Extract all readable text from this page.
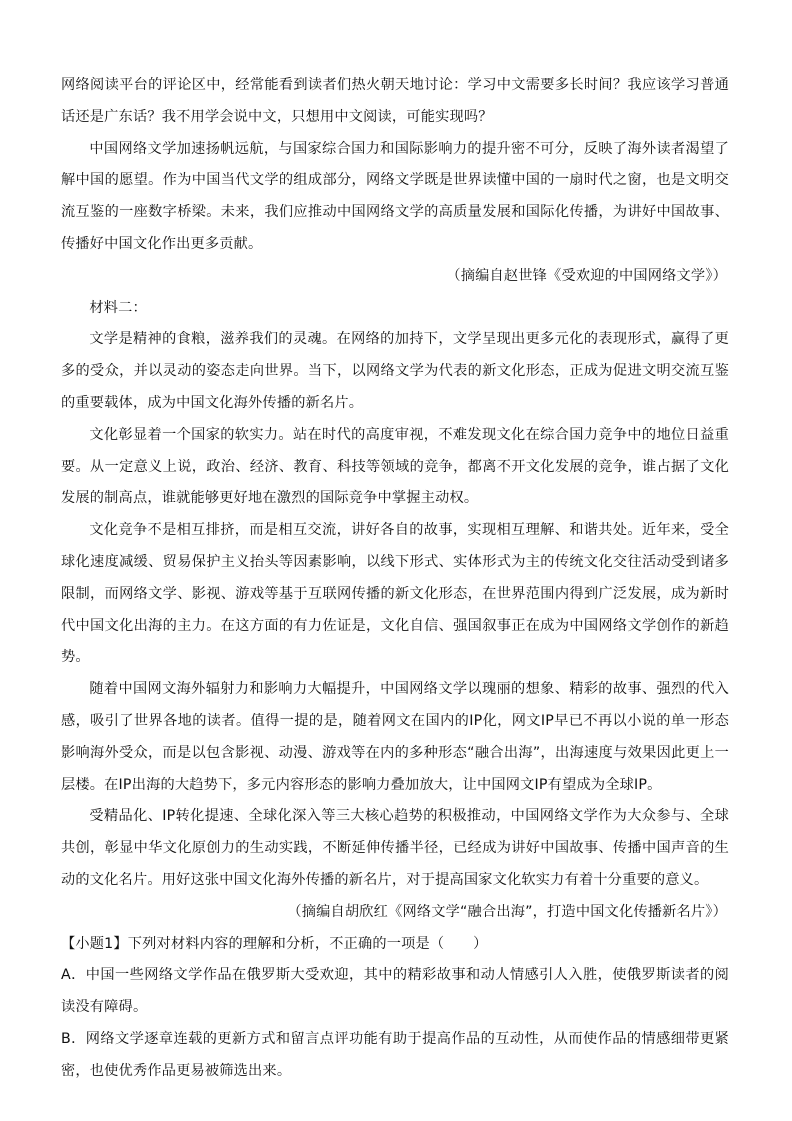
网络阅读平台的评论区中，经常能看到读者们热火朝天地讨论：学习中文需要多长时间？我应该学习普通话还是广东话？我不用学会说中文，只想用中文阅读，可能实现吗？

中国网络文学加速扬帆远航，与国家综合国力和国际影响力的提升密不可分，反映了海外读者渴望了解中国的愿望。作为中国当代文学的组成部分，网络文学既是世界读懂中国的一扇时代之窗，也是文明交流互鉴的一座数字桥梁。未来，我们应推动中国网络文学的高质量发展和国际化传播，为讲好中国故事、传播好中国文化作出更多贡献。

（摘编自赵世锋《受欢迎的中国网络文学》）

材料二：

文学是精神的食粮，滋养我们的灵魂。在网络的加持下，文学呈现出更多元化的表现形式，赢得了更多的受众，并以灵动的姿态走向世界。当下，以网络文学为代表的新文化形态，正成为促进文明交流互鉴的重要载体，成为中国文化海外传播的新名片。

文化彰显着一个国家的软实力。站在时代的高度审视，不难发现文化在综合国力竞争中的地位日益重要。从一定意义上说，政治、经济、教育、科技等领域的竞争，都离不开文化发展的竞争，谁占据了文化发展的制高点，谁就能够更好地在激烈的国际竞争中掌握主动权。

文化竞争不是相互排挤，而是相互交流，讲好各自的故事，实现相互理解、和谐共处。近年来，受全球化速度减缓、贸易保护主义抬头等因素影响，以线下形式、实体形式为主的传统文化交往活动受到诸多限制，而网络文学、影视、游戏等基于互联网传播的新文化形态，在世界范围内得到广泛发展，成为新时代中国文化出海的主力。在这方面的有力佐证是，文化自信、强国叙事正在成为中国网络文学创作的新趋势。

随着中国网文海外辐射力和影响力大幅提升，中国网络文学以瑰丽的想象、精彩的故事、强烈的代入感，吸引了世界各地的读者。值得一提的是，随着网文在国内的IP化，网文IP早已不再以小说的单一形态影响海外受众，而是以包含影视、动漫、游戏等在内的多种形态“融合出海”，出海速度与效果因此更上一层楼。在IP出海的大趋势下，多元内容形态的影响力叠加放大，让中国网文IP有望成为全球IP。

受精品化、IP转化提速、全球化深入等三大核心趋势的积极推动，中国网络文学作为大众参与、全球共创，彰显中华文化原创力的生动实践，不断延伸传播半径，已经成为讲好中国故事、传播中国声音的生动的文化名片。用好这张中国文化海外传播的新名片，对于提高国家文化软实力有着十分重要的意义。

（摘编自胡欣红《网络文学“融合出海”，打造中国文化传播新名片》）

【小题1】下列对材料内容的理解和分析，不正确的一项是（　　）

A．中国一些网络文学作品在俄罗斯大受欢迎，其中的精彩故事和动人情感引人入胜，使俄罗斯读者的阅读没有障碍。

B．网络文学逐章连载的更新方式和留言点评功能有助于提高作品的互动性，从而使作品的情感细带更紧密，也使优秀作品更易被筛选出来。
